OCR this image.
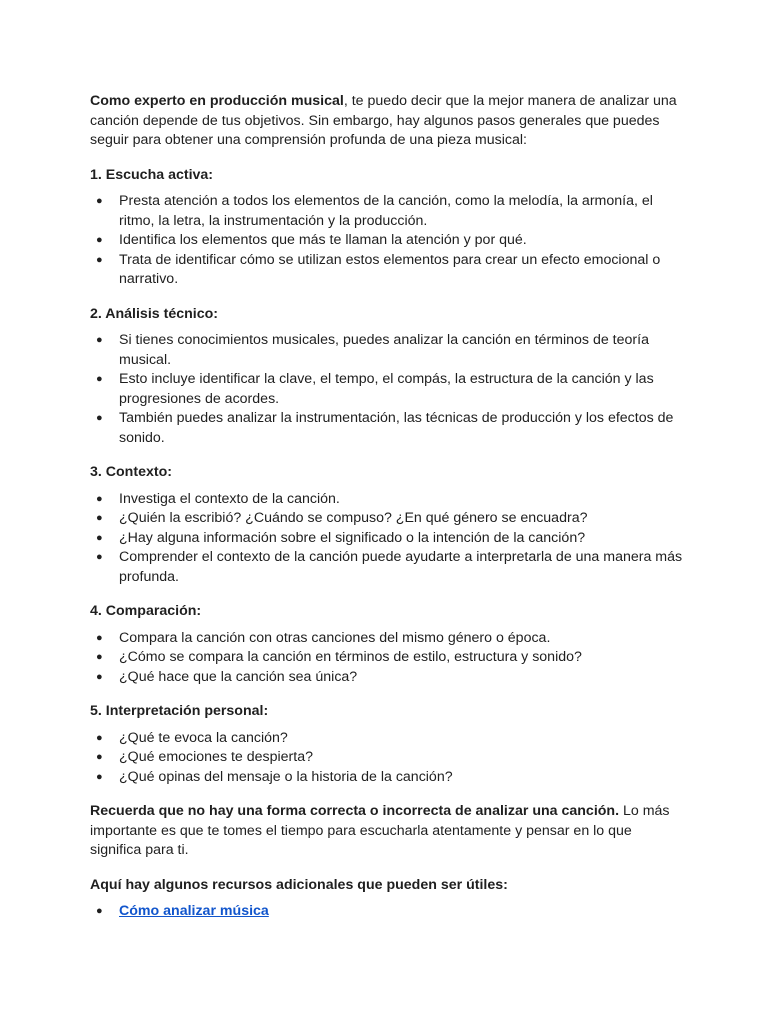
Como experto en producción musical, te puedo decir que la mejor manera de analizar una canción depende de tus objetivos. Sin embargo, hay algunos pasos generales que puedes seguir para obtener una comprensión profunda de una pieza musical:

1. Escucha activa:

● Presta atención a todos los elementos de la canción, como la melodía, la armonía, el ritmo, la letra, la instrumentación y la producción.
● Identifica los elementos que más te llaman la atención y por qué.
● Trata de identificar cómo se utilizan estos elementos para crear un efecto emocional o narrativo.

2. Análisis técnico:

● Si tienes conocimientos musicales, puedes analizar la canción en términos de teoría musical.
● Esto incluye identificar la clave, el tempo, el compás, la estructura de la canción y las progresiones de acordes.
● También puedes analizar la instrumentación, las técnicas de producción y los efectos de sonido.

3. Contexto:

● Investiga el contexto de la canción.
● ¿Quién la escribió? ¿Cuándo se compuso? ¿En qué género se encuadra?
● ¿Hay alguna información sobre el significado o la intención de la canción?
● Comprender el contexto de la canción puede ayudarte a interpretarla de una manera más profunda.

4. Comparación:

● Compara la canción con otras canciones del mismo género o época.
● ¿Cómo se compara la canción en términos de estilo, estructura y sonido?
● ¿Qué hace que la canción sea única?

5. Interpretación personal:

● ¿Qué te evoca la canción?
● ¿Qué emociones te despierta?
● ¿Qué opinas del mensaje o la historia de la canción?

Recuerda que no hay una forma correcta o incorrecta de analizar una canción. Lo más importante es que te tomes el tiempo para escucharla atentamente y pensar en lo que significa para ti.

Aquí hay algunos recursos adicionales que pueden ser útiles:

● Cómo analizar música
